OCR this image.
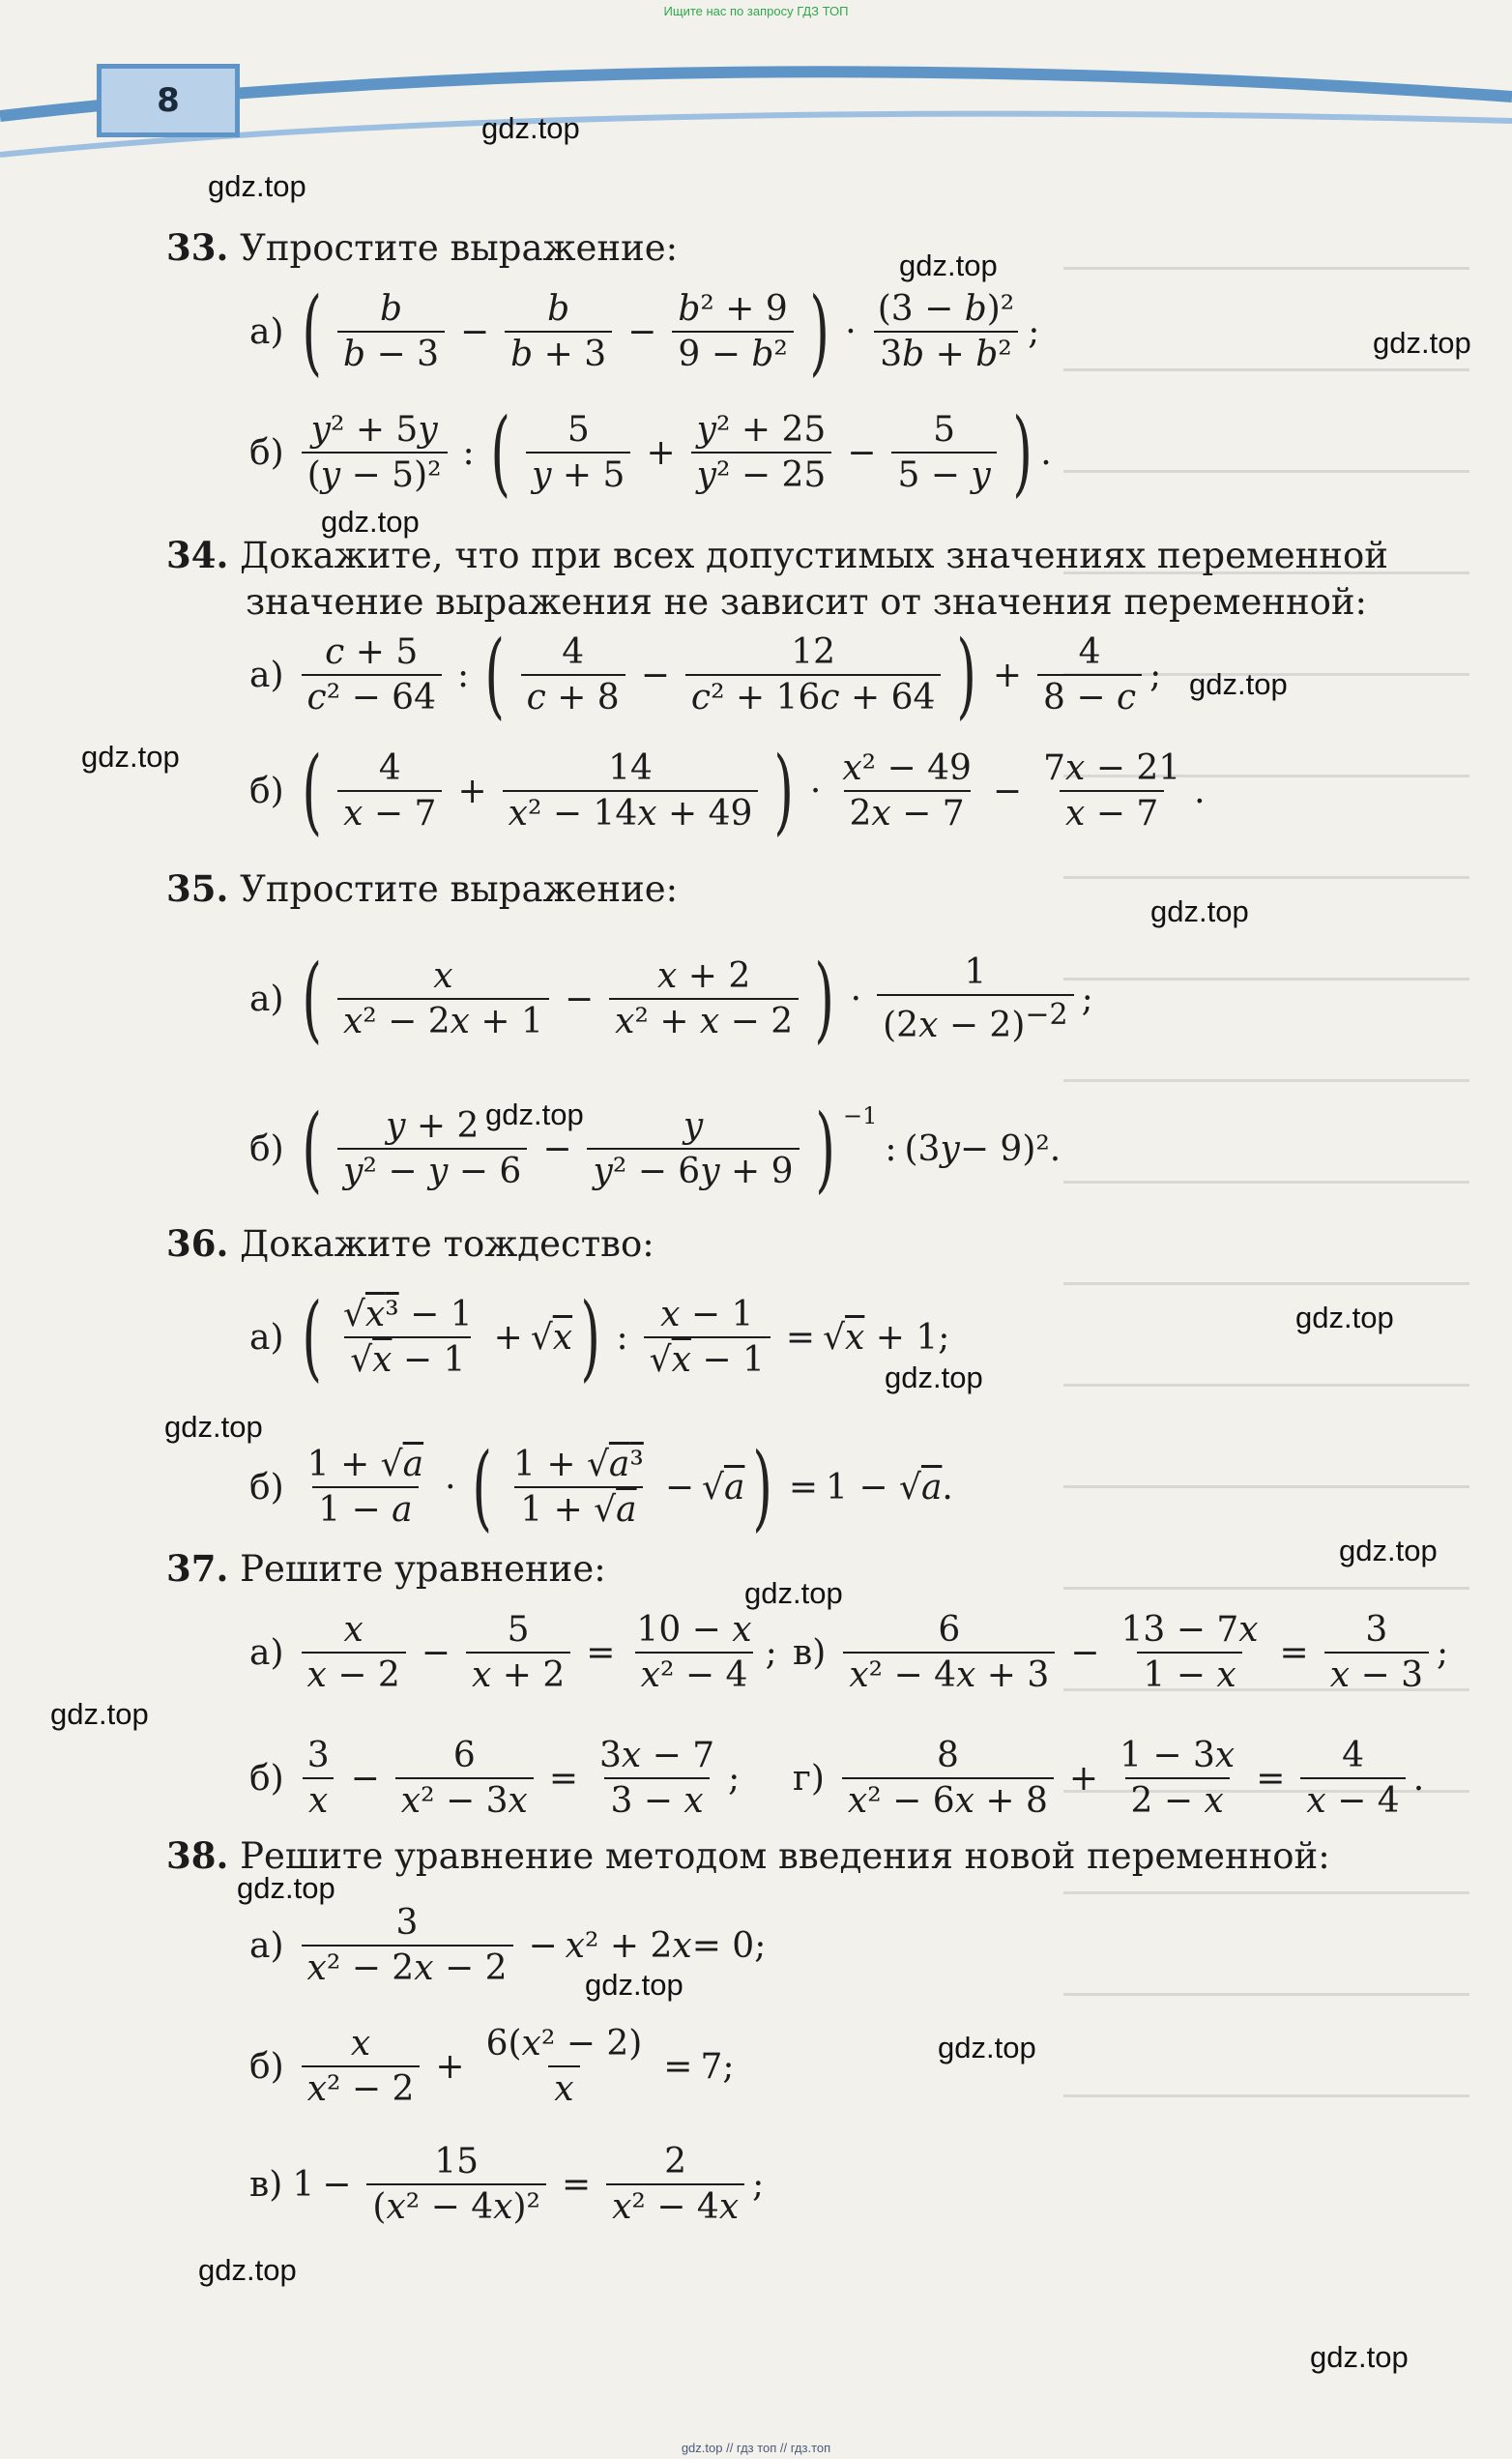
Ищите нас по запросу ГДЗ ТОП
8
33. Упростите выражение:
а) ( $\frac{b}{b - 3} - \frac{b}{b + 3} - \frac{\text{b² + 9}}{\text{9 − b²}}$ ) · $\frac{\text{(3 − b)²}}{\text{3b + b²}}$ ;
$б) \frac{\text{y² + 5y}}{\text{(y − 5)²}}$ : ( $\frac{5}{y + 5} + \frac{\text{y² + 25}}{\text{y² − 25}} - \frac{5}{5 - y}$ ) .
34. Докажите, что при всех допустимых значениях переменной
значение выражения не зависит от значения переменной:
$а) \frac{c + 5}{\text{c² − 64}}$ : ( $\frac{4}{c + 8} - \frac{12}{\text{c² + 16c + 64}}$ ) + $\frac{4}{8 - c}$ ;
б) ( $\frac{4}{x - 7} + \frac{14}{\text{x² − 14x + 49}}$ ) · $\frac{\text{x² − 49}}{2x - 7} - \frac{7x - 21}{x - 7}$ .
35. Упростите выражение:
а) ( $\frac{x}{\text{x² − 2x + 1}} - \frac{x + 2}{\text{x² + x − 2}}$ ) · $\frac{1}{(2x - 2)^{-2}}$ ;
б) ( $\frac{y + 2}{\text{y² − y − 6}} - \frac{y}{\text{y² − 6y + 9}}$ ) $^{-1}$
: (3 y − 9)².
36. Докажите тождество:
а) ( $\frac{\text{√x³ − 1}}{√x - 1}$ + √ x ) : $\frac{x - 1}{√x - 1}$ = √ x + 1;
$б) \frac{1 + √a}{1 - a}$ · ( $\frac{\text{1 + √a³}}{1 + √a}$ − √ a ) = 1 − √ a .
37. Решите уравнение:
$а) \frac{x}{x - 2} - \frac{5}{x + 2} = \frac{10 - x}{\text{x² − 4}}$ ; $в) \frac{6}{\text{x² − 4x + 3}} - \frac{13 - 7x}{1 - x} = \frac{3}{x - 3}$ ;
$б) \frac{3}{x} - \frac{6}{\text{x² − 3x}} = \frac{3x - 7}{3 - x}$ ; $г) \frac{8}{\text{x² − 6x + 8}} + \frac{1 - 3x}{2 - x} = \frac{4}{x - 4}$ .
38. Решите уравнение методом введения новой переменной:
$а) \frac{3}{\text{x² − 2x − 2}} - x$ ² + 2 x = 0;
$б) \frac{x}{\text{x² − 2}} + \frac{\text{6(x² − 2)}}{x} = 7$;
в) $1 - \frac{15}{\text{(x² − 4x)²}} = \frac{2}{\text{x² − 4x}}$ ;
gdz.top
gdz.top
gdz.top
gdz.top
gdz.top
gdz.top
gdz.top
gdz.top
gdz.top
gdz.top
gdz.top
gdz.top
gdz.top
gdz.top
gdz.top
gdz.top
gdz.top
gdz.top
gdz.top
gdz.top
gdz.top // гдз топ // гдз.топ
